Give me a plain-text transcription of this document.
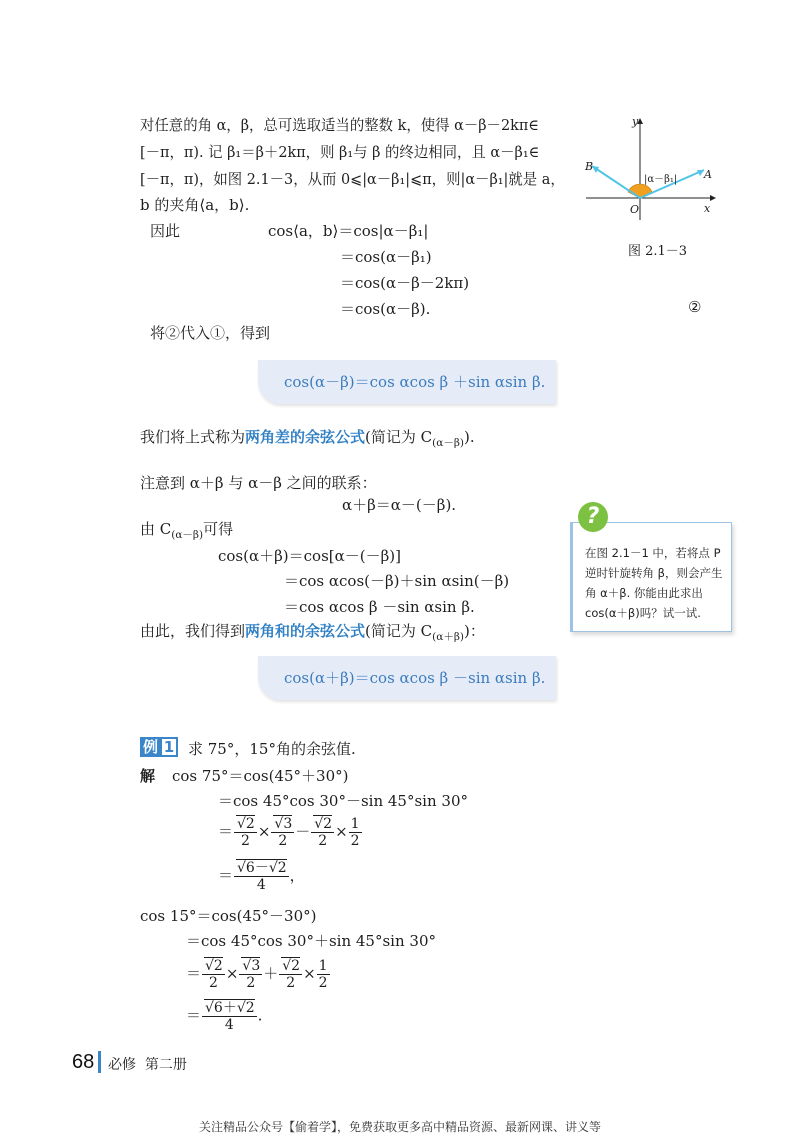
对任意的角 α，β，总可选取适当的整数 k，使得 α－β－2kπ∈
[－π，π). 记 β₁＝β＋2kπ，则 β₁与 β 的终边相同，且 α－β₁∈
[－π，π)，如图 2.1－3，从而 0⩽|α－β₁|⩽π，则|α－β₁|就是 a，
b 的夹角⟨a，b⟩.
y
x
O
A
B
|α－β₁|
图 2.1－3
因此	cos⟨a，b⟩＝cos|α－β₁|
＝cos(α－β₁)
＝cos(α－β－2kπ)
＝cos(α－β).	②
将②代入①，得到
cos(α－β)＝cos αcos β ＋sin αsin β.
我们将上式称为两角差的余弦公式(简记为 $C_{(\alpha-\beta)}$).
注意到 α＋β 与 α－β 之间的联系：
α＋β＝α－(－β).
由 $C_{(\alpha-\beta)}$可得
cos(α＋β)＝cos[α－(－β)]
＝cos αcos(－β)＋sin αsin(－β)
＝cos αcos β －sin αsin β.
由此，我们得到两角和的余弦公式(简记为 $C_{(\alpha+\beta)}$)：
cos(α＋β)＝cos αcos β －sin αsin β.
在图 2.1－1 中，若将点 P 逆时针旋转角 β，则会产生角 α＋β. 你能由此求出 cos(α＋β)吗？试一试.
?
例 1 求 75°，15°角的余弦值.
解 cos 75°＝cos(45°＋30°)
＝cos 45°cos 30°－sin 45°sin 30°
＝ $\frac{√2}{2} \times \frac{√3}{2} - \frac{√2}{2} \times \frac{1}{2}$
＝ $\frac{√6-√2}{4}$ ，
cos 15°＝cos(45°－30°)
＝cos 45°cos 30°＋sin 45°sin 30°
＝ $\frac{√2}{2} \times \frac{√3}{2} + \frac{√2}{2} \times \frac{1}{2}$
＝ $\frac{√6+√2}{4}$ .
68 必修 第二册
关注精品公众号【偷着学】，免费获取更多高中精品资源、最新网课、讲义等
